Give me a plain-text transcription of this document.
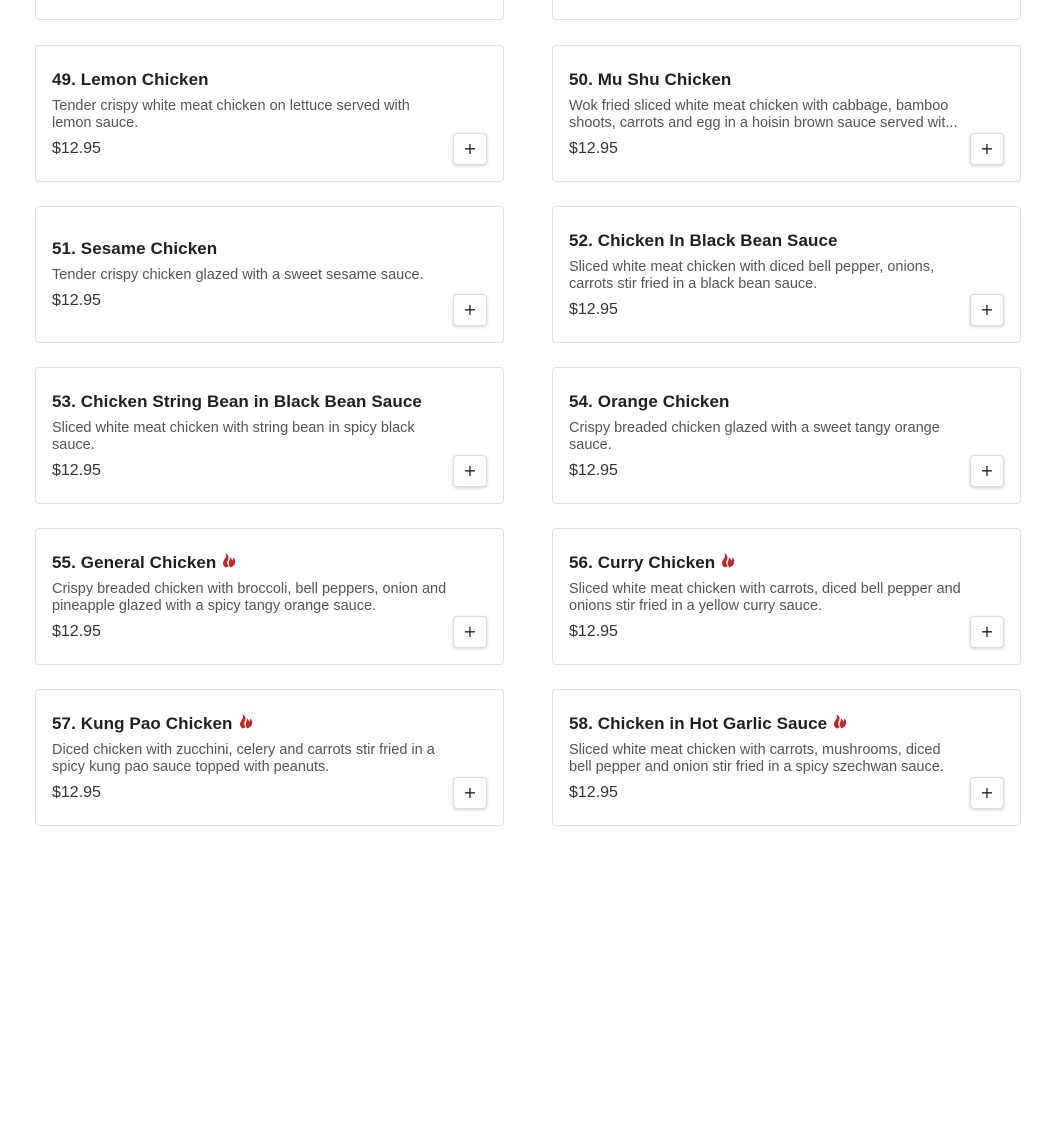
49. Lemon Chicken
Tender crispy white meat chicken on lettuce served with lemon sauce.
$12.95	+
50. Mu Shu Chicken
Wok fried sliced white meat chicken with cabbage, bamboo shoots, carrots and egg in a hoisin brown sauce served wit...
$12.95	+
51. Sesame Chicken
Tender crispy chicken glazed with a sweet sesame sauce.
$12.95	+
52. Chicken In Black Bean Sauce
Sliced white meat chicken with diced bell pepper, onions, carrots stir fried in a black bean sauce.
$12.95	+
53. Chicken String Bean in Black Bean Sauce
Sliced white meat chicken with string bean in spicy black sauce.
$12.95	+
54. Orange Chicken
Crispy breaded chicken glazed with a sweet tangy orange sauce.
$12.95	+
55. General Chicken
Crispy breaded chicken with broccoli, bell peppers, onion and pineapple glazed with a spicy tangy orange sauce.
$12.95	+
56. Curry Chicken
Sliced white meat chicken with carrots, diced bell pepper and onions stir fried in a yellow curry sauce.
$12.95	+
57. Kung Pao Chicken
Diced chicken with zucchini, celery and carrots stir fried in a spicy kung pao sauce topped with peanuts.
$12.95	+
58. Chicken in Hot Garlic Sauce
Sliced white meat chicken with carrots, mushrooms, diced bell pepper and onion stir fried in a spicy szechwan sauce.
$12.95	+
